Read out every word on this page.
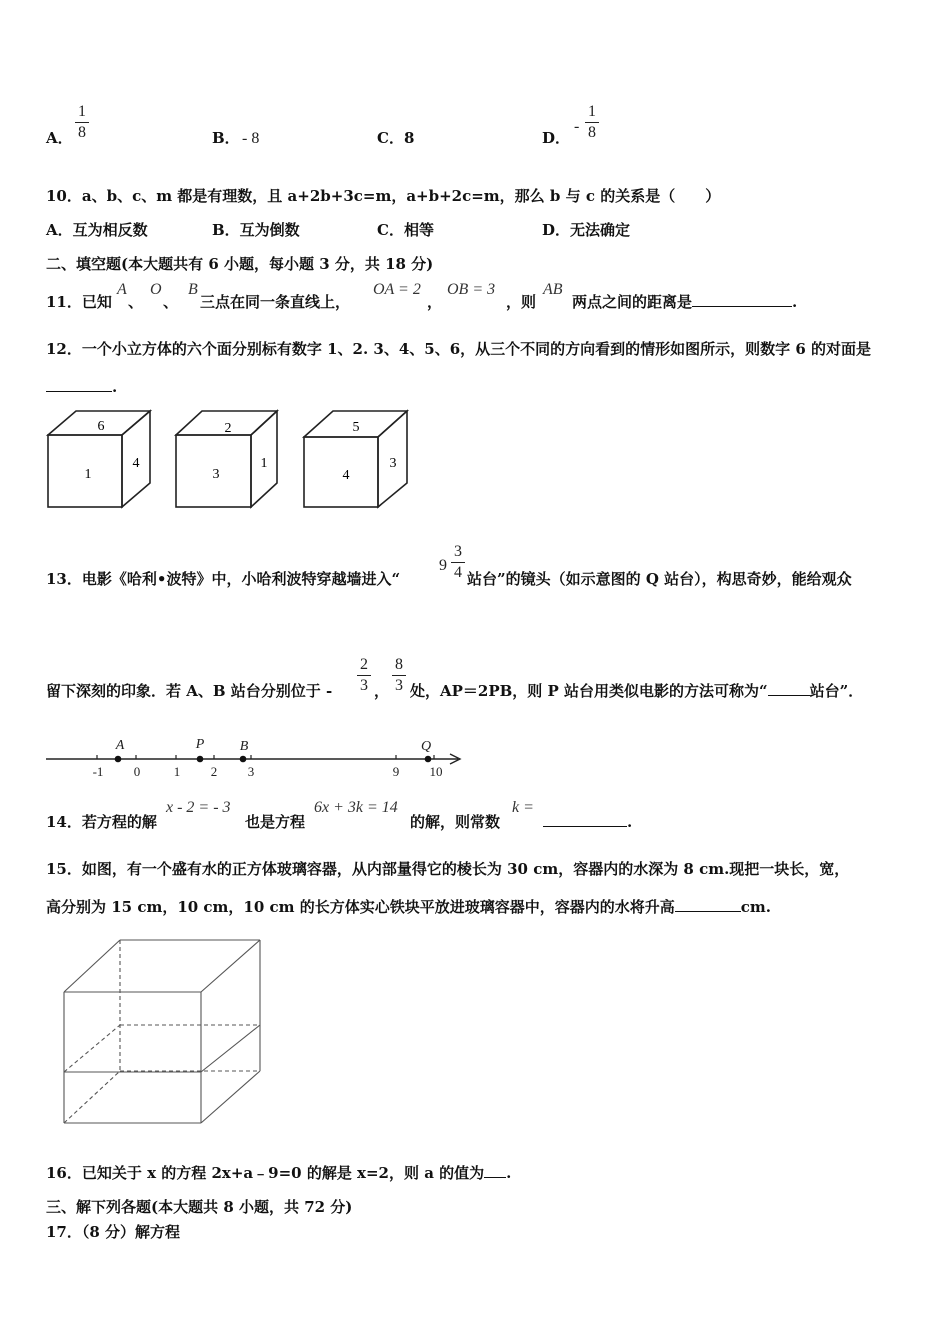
A．
1
8	B． - 8	C．8	D．
-
1
8
10．a、b、c、m 都是有理数，且 a+2b+3c=m，a+b+2c=m，那么 b 与 c 的关系是（　　）
A．互为相反数	B．互为倒数	C．相等	D．无法确定
二、填空题(本大题共有 6 小题，每小题 3 分，共 18 分)
11．已知
A
、
O
、
B
三点在同一条直线上，
OA = 2
，
OB = 3
，则
AB
两点之间的距离是	.
12．一个小立方体的六个面分别标有数字 1、2. 3、4、5、6，从三个不同的方向看到的情形如图所示，则数字 6 的对面是
.
6
1
4
2
3
1
5
4
3
13．电影《哈利•波特》中，小哈利波特穿越墙进入“
9
3
4 站台”的镜头（如示意图的 Q 站台），构思奇妙，能给观众
留下深刻的印象．若 A、B 站台分别位于 -
2
3 ，
8
3 处，AP＝2PB，则 P 站台用类似电影的方法可称为“	站台”．
-1 0	1 2 3	9 10
A	P	B	Q
14．若方程的解
x - 2 = - 3
也是方程
6x + 3k = 14
的解，则常数
k =
.
15．如图，有一个盛有水的正方体玻璃容器，从内部量得它的棱长为 30 cm，容器内的水深为 8 cm.现把一块长，宽，
高分别为 15 cm，10 cm，10 cm 的长方体实心铁块平放进玻璃容器中，容器内的水将升高	cm.
16．已知关于 x 的方程 2x+a﹣9=0 的解是 x=2，则 a 的值为 .
三、解下列各题(本大题共 8 小题，共 72 分)
17．（8 分）解方程
